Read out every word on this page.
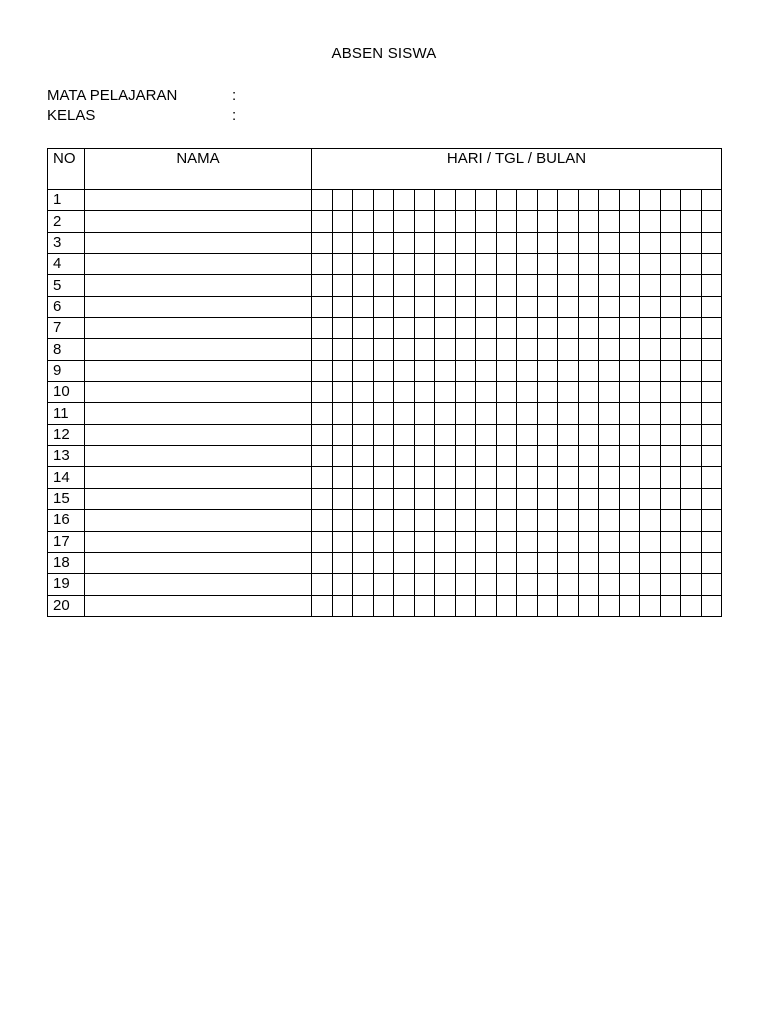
ABSEN SISWA
MATA PELAJARAN	:
KELAS	:
NO	NAMA	HARI / TGL / BULAN																			
1																					
2																					
3																					
4																					
5																					
6																					
7																					
8																					
9																					
10																					
11																					
12																					
13																					
14																					
15																					
16																					
17																					
18																					
19																					
20																					
